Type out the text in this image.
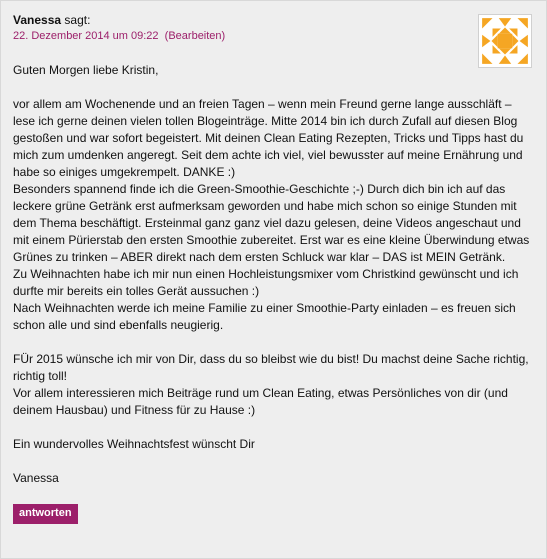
Vanessa sagt:
22. Dezember 2014 um 09:22 (Bearbeiten)

Guten Morgen liebe Kristin,

vor allem am Wochenende und an freien Tagen – wenn mein Freund gerne lange ausschläft – lese ich gerne deinen vielen tollen Blogeinträge. Mitte 2014 bin ich durch Zufall auf diesen Blog gestoßen und war sofort begeistert. Mit deinen Clean Eating Rezepten, Tricks und Tipps hast du mich zum umdenken angeregt. Seit dem achte ich viel, viel bewusster auf meine Ernährung und habe so einiges umgekrempelt. DANKE :)

Besonders spannend finde ich die Green-Smoothie-Geschichte ;-) Durch dich bin ich auf das leckere grüne Getränk erst aufmerksam geworden und habe mich schon so einige Stunden mit dem Thema beschäftigt. Ersteinmal ganz ganz viel dazu gelesen, deine Videos angeschaut und mit einem Pürierstab den ersten Smoothie zubereitet. Erst war es eine kleine Überwindung etwas Grünes zu trinken – ABER direkt nach dem ersten Schluck war klar – DAS ist MEIN Getränk.

Zu Weihnachten habe ich mir nun einen Hochleistungsmixer vom Christkind gewünscht und ich durfte mir bereits ein tolles Gerät aussuchen :)

Nach Weihnachten werde ich meine Familie zu einer Smoothie-Party einladen – es freuen sich schon alle und sind ebenfalls neugierig.

FÜr 2015 wünsche ich mir von Dir, dass du so bleibst wie du bist! Du machst deine Sache richtig, richtig toll!

Vor allem interessieren mich Beiträge rund um Clean Eating, etwas Persönliches von dir (und deinem Hausbau) und Fitness für zu Hause :)

Ein wundervolles Weihnachtsfest wünscht Dir

Vanessa

antworten
